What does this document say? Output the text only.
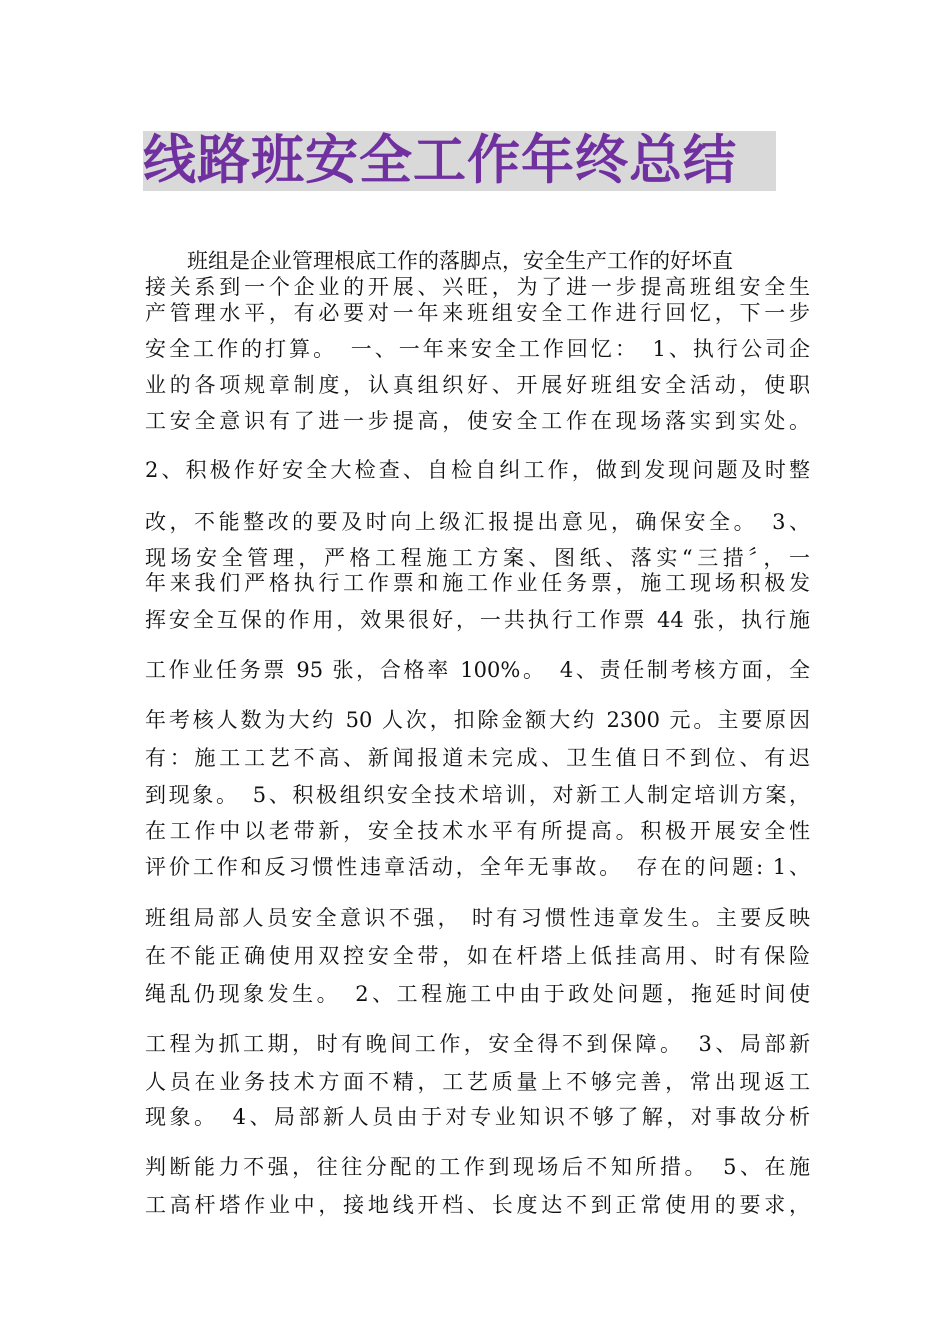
线路班安全工作年终总结
　　班组是企业管理根底工作的落脚点，安全生产工作的好坏直
接关系到一个企业的开展、兴旺，为了进一步提高班组安全生
产管理水平，有必要对一年来班组安全工作进行回忆，下一步
安全工作的打算。　一、一年来安全工作回忆：　1、执行公司企
业的各项规章制度，认真组织好、开展好班组安全活动，使职
工安全意识有了进一步提高，使安全工作在现场落实到实处。
2、积极作好安全大检查、自检自纠工作，做到发现问题及时整
改，不能整改的要及时向上级汇报提出意见，确保安全。　3、
现场安全管理，严格工程施工方案、图纸、落实“三措〞，一
年来我们严格执行工作票和施工作业任务票，施工现场积极发
挥安全互保的作用，效果很好，一共执行工作票 44 张，执行施
工作业任务票 95 张，合格率 100%。　4、责任制考核方面，全
年考核人数为大约 50 人次，扣除金额大约 2300 元。主要原因
有：施工工艺不高、新闻报道未完成、卫生值日不到位、有迟
到现象。　5、积极组织安全技术培训，对新工人制定培训方案，
在工作中以老带新，安全技术水平有所提高。积极开展安全性
评价工作和反习惯性违章活动，全年无事故。　存在的问题: 1、
班组局部人员安全意识不强， 时有习惯性违章发生。主要反映
在不能正确使用双控安全带，如在杆塔上低挂高用、时有保险
绳乱仍现象发生。　2、工程施工中由于政处问题，拖延时间使
工程为抓工期，时有晚间工作，安全得不到保障。　3、局部新
人员在业务技术方面不精，工艺质量上不够完善，常出现返工
现象。　4、局部新人员由于对专业知识不够了解，对事故分析
判断能力不强，往往分配的工作到现场后不知所措。　5、在施
工高杆塔作业中，接地线开档、长度达不到正常使用的要求，
